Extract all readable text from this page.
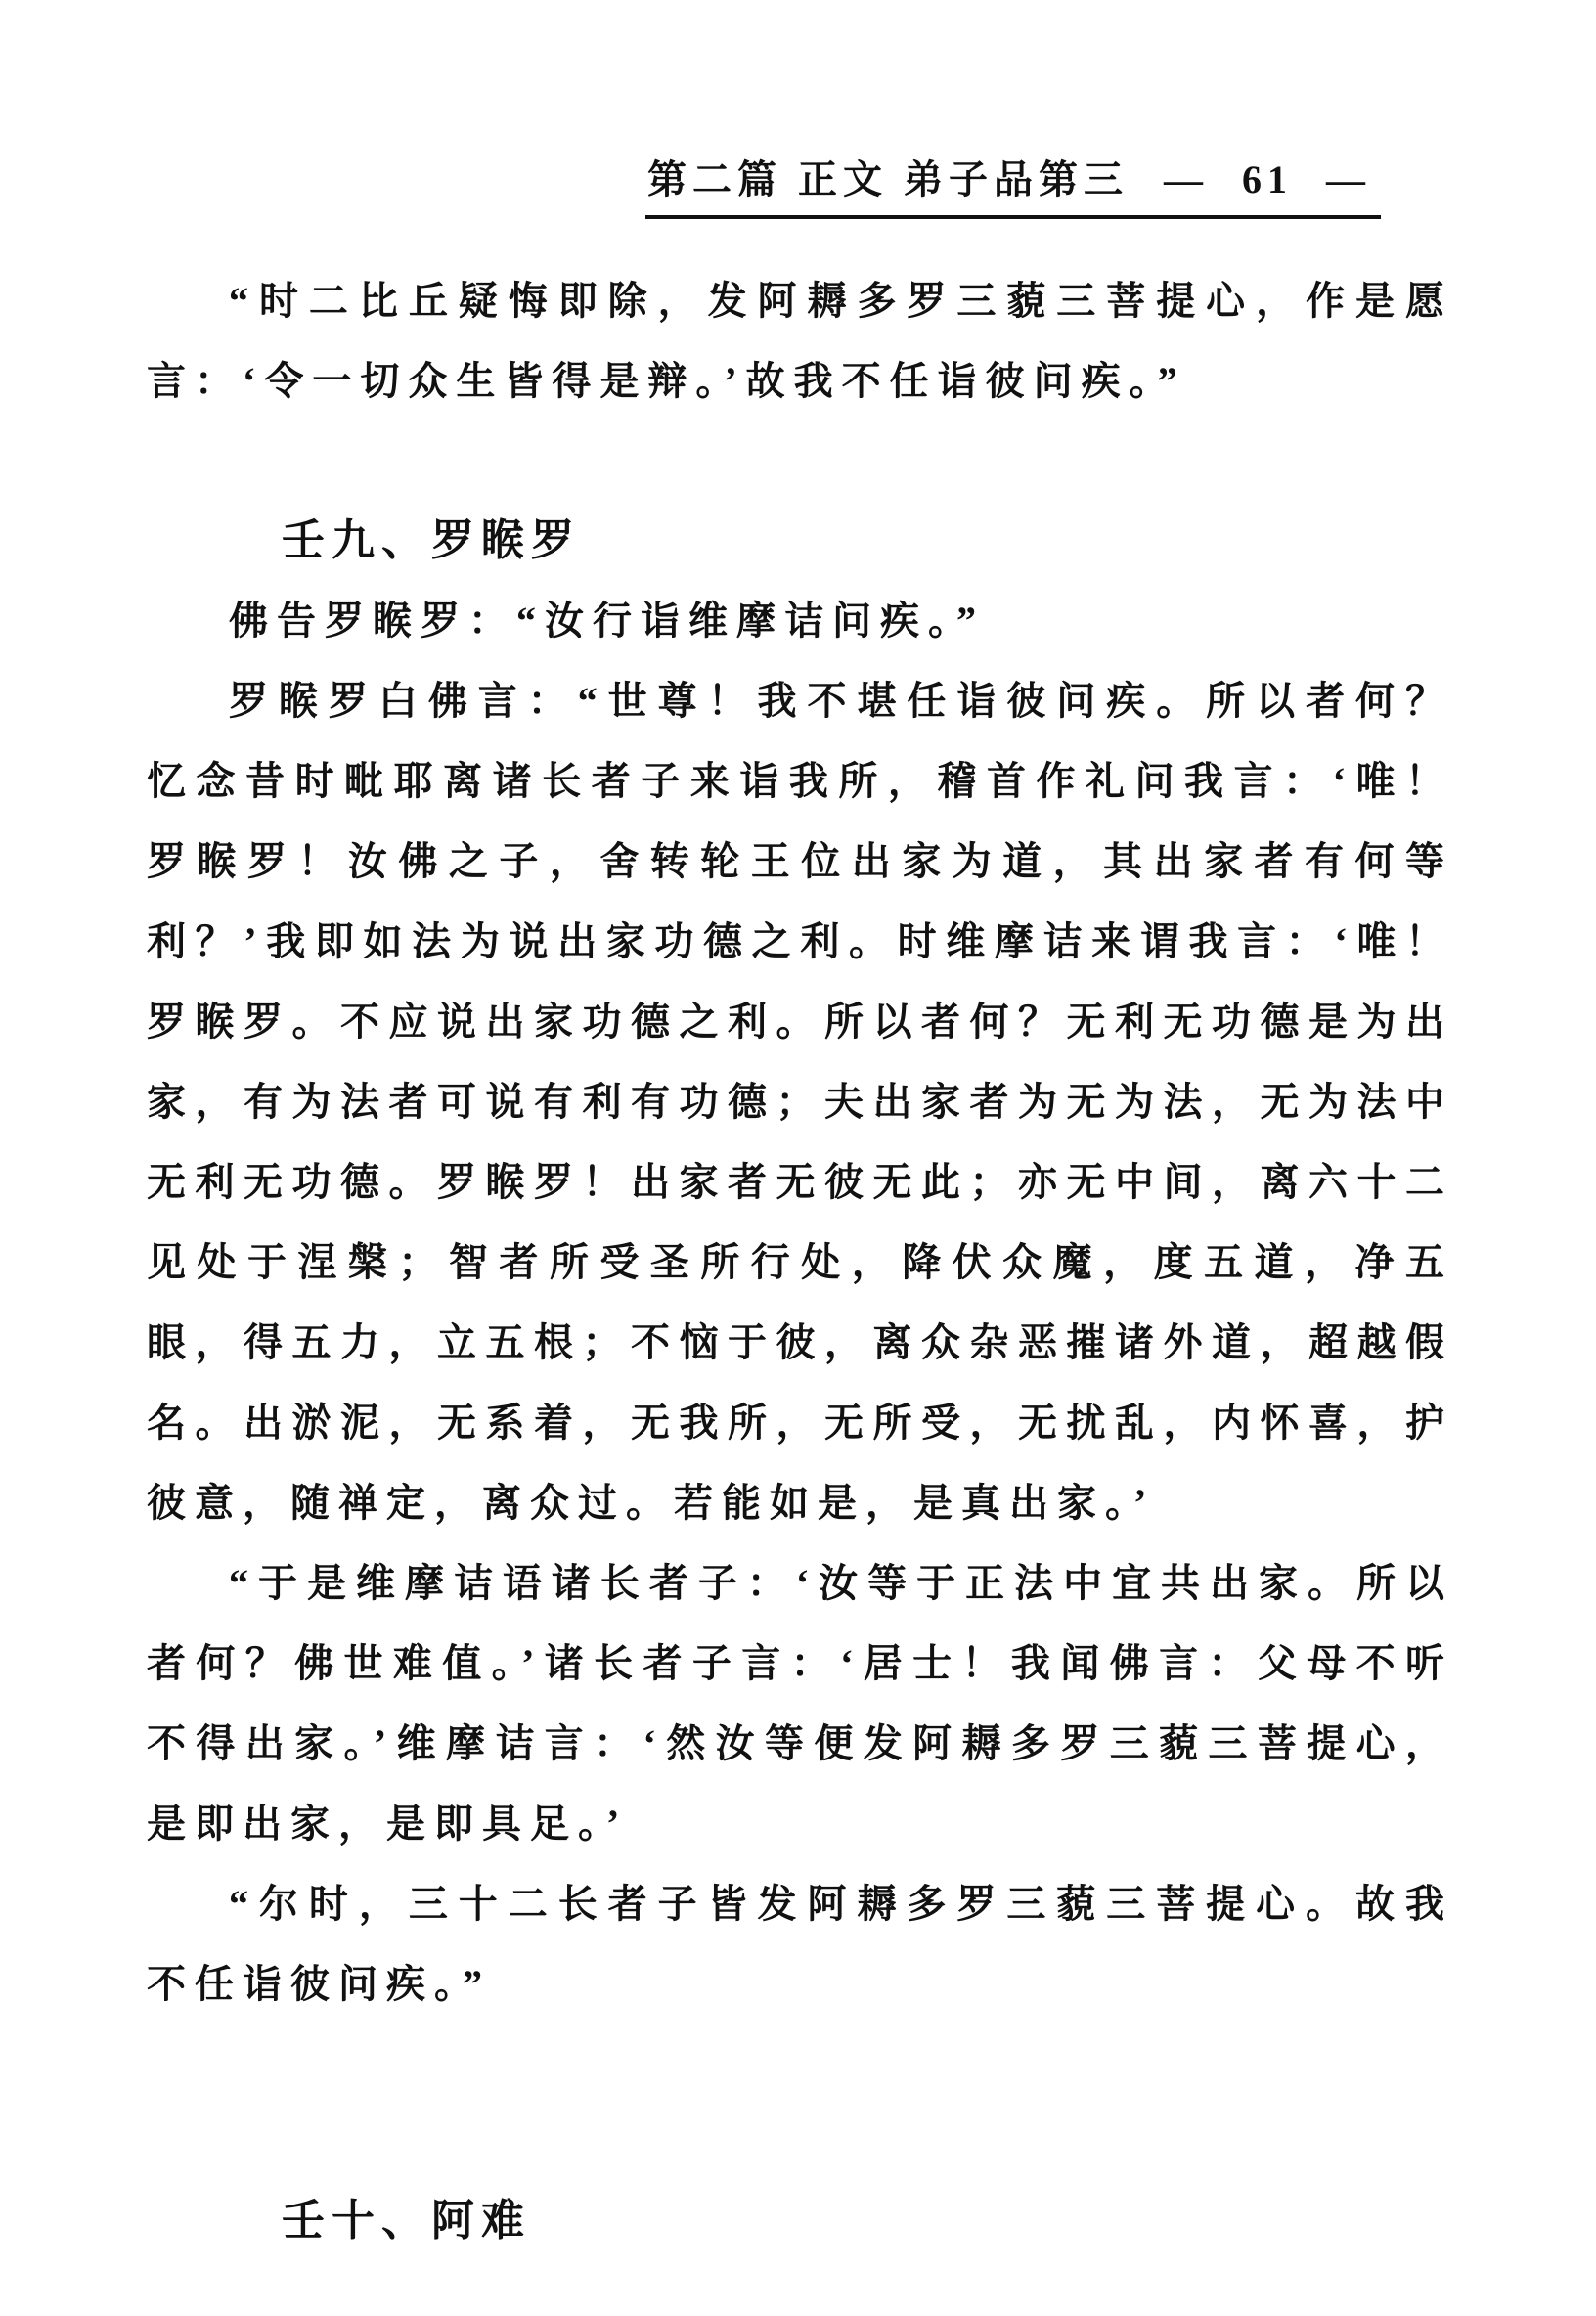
第二篇 正文 弟子品第三 — 61 —

“时二比丘疑悔即除，发阿耨多罗三藐三菩提心，作是愿言：‘令一切众生皆得是辩。’故我不任诣彼问疾。”

壬九、罗睺罗

佛告罗睺罗：“汝行诣维摩诘问疾。”

罗睺罗白佛言：“世尊！我不堪任诣彼问疾。所以者何？忆念昔时毗耶离诸长者子来诣我所，稽首作礼问我言：‘唯！罗睺罗！汝佛之子，舍转轮王位出家为道，其出家者有何等利？’我即如法为说出家功德之利。时维摩诘来谓我言：‘唯！罗睺罗。不应说出家功德之利。所以者何？无利无功德是为出家，有为法者可说有利有功德；夫出家者为无为法，无为法中无利无功德。罗睺罗！出家者无彼无此；亦无中间，离六十二见处于涅槃；智者所受圣所行处，降伏众魔，度五道，净五眼，得五力，立五根；不恼于彼，离众杂恶摧诸外道，超越假名。出淤泥，无系着，无我所，无所受，无扰乱，内怀喜，护彼意，随禅定，离众过。若能如是，是真出家。’

“于是维摩诘语诸长者子：‘汝等于正法中宜共出家。所以者何？佛世难值。’诸长者子言：‘居士！我闻佛言：父母不听不得出家。’维摩诘言：‘然汝等便发阿耨多罗三藐三菩提心，是即出家，是即具足。’

“尔时，三十二长者子皆发阿耨多罗三藐三菩提心。故我不任诣彼问疾。”

壬十、阿难
